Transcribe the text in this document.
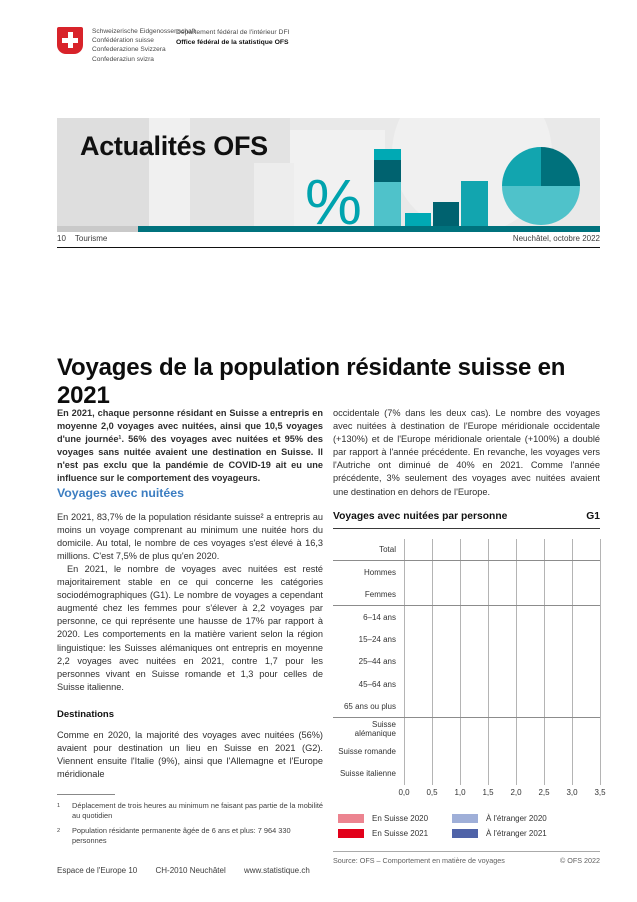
Schweizerische Eidgenossenschaft
Confédération suisse
Confederazione Svizzera
Confederaziun svizra
Département fédéral de l'intérieur DFI
Office fédéral de la statistique OFS
Actualités OFS
%
10 Tourisme	Neuchâtel, octobre 2022
Voyages de la population résidante suisse en 2021

En 2021, chaque personne résidant en Suisse a entrepris en moyenne 2,0 voyages avec nuitées, ainsi que 10,5 voyages d'une journée¹. 56% des voyages avec nuitées et 95% des voyages sans nuitée avaient une destination en Suisse. Il n'est pas exclu que la pandémie de COVID-19 ait eu une influence sur le comportement des voyageurs.

Voyages avec nuitées

En 2021, 83,7% de la population résidante suisse² a entrepris au moins un voyage comprenant au minimum une nuitée hors du domicile. Au total, le nombre de ces voyages s'est élevé à 16,3 millions. C'est 7,5% de plus qu'en 2020.

En 2021, le nombre de voyages avec nuitées est resté majoritairement stable en ce qui concerne les catégories sociodémographiques (G1). Le nombre de voyages a cependant augmenté chez les femmes pour s'élever à 2,2 voyages par personne, ce qui représente une hausse de 17% par rapport à 2020. Les comportements en la matière varient selon la région linguistique: les Suisses alémaniques ont entrepris en moyenne 2,2 voyages avec nuitées en 2021, contre 1,7 pour les personnes vivant en Suisse romande et 1,3 pour celles de Suisse italienne.

Destinations

Comme en 2020, la majorité des voyages avec nuitées (56%) avaient pour destination un lieu en Suisse en 2021 (G2). Viennent ensuite l'Italie (9%), ainsi que l'Allemagne et l'Europe méridionale

1	Déplacement de trois heures au minimum ne faisant pas partie de la mobilité au quotidien
2	Population résidante permanente âgée de 6 ans et plus: 7 964 330 personnes

occidentale (7% dans les deux cas). Le nombre des voyages avec nuitées à destination de l'Europe méridionale occidentale (+130%) et de l'Europe méridionale orientale (+100%) a doublé par rapport à l'année précédente. En revanche, les voyages vers l'Autriche ont diminué de 40% en 2021. Comme l'année précédente, 3% seulement des voyages avec nuitées avaient une destination en dehors de l'Europe.

Voyages avec nuitées par personne	G1
Total
Hommes
Femmes
6–14 ans
15–24 ans
25–44 ans
45–64 ans
65 ans ou plus
Suisse alémanique
Suisse romande
Suisse italienne
0,0 0,5 1,0 1,5 2,0 2,5 3,0 3,5
En Suisse 2020
En Suisse 2021
À l'étranger 2020
À l'étranger 2021
Source: OFS – Comportement en matière de voyages	© OFS 2022
Espace de l'Europe 10 CH-2010 Neuchâtel www.statistique.ch
